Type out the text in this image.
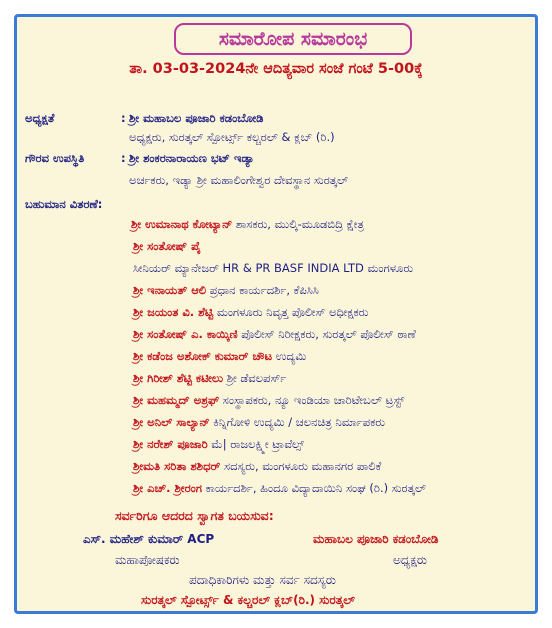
ಸಮಾರೋಪ ಸಮಾರಂಭ
ತಾ. 03-03-2024ನೇ ಆದಿತ್ಯವಾರ ಸಂಜೆ ಗಂಟೆ 5-00ಕ್ಕೆ
ಅಧ್ಯಕ್ಷತೆ	: ಶ್ರೀ ಮಹಾಬಲ ಪೂಜಾರಿ ಕಡಂಬೋಡಿ
ಅಧ್ಯಕ್ಷರು, ಸುರತ್ಕಲ್ ಸ್ಪೋರ್ಟ್ಸ್ ಕಲ್ಚರಲ್ & ಕ್ಲಬ್ (ರಿ.)
ಗೌರವ ಉಪಸ್ಥಿತಿ	: ಶ್ರೀ ಶಂಕರನಾರಾಯಣ ಭಟ್ ಇಡ್ಯಾ
ಅರ್ಚಕರು, ಇಡ್ಯಾ ಶ್ರೀ ಮಹಾಲಿಂಗೇಶ್ವರ ದೇವಸ್ಥಾನ ಸುರತ್ಕಲ್
ಬಹುಮಾನ ವಿತರಣೆ:
ಶ್ರೀ ಉಮಾನಾಥ ಕೋಟ್ಯಾನ್ ಶಾಸಕರು, ಮುಲ್ಕಿ-ಮೂಡಬಿದ್ರಿ ಕ್ಷೇತ್ರ
ಶ್ರೀ ಸಂತೋಷ್ ಪೈ
ಸೀನಿಯರ್ ಮ್ಯಾನೇಜರ್ HR & PR BASF INDIA LTD ಮಂಗಳೂರು
ಶ್ರೀ ಇನಾಯತ್ ಆಲಿ ಪ್ರಧಾನ ಕಾರ್ಯದರ್ಶಿ, ಕೆಪಿಸಿಸಿ
ಶ್ರೀ ಜಯಂತ ವಿ. ಶೆಟ್ಟಿ ಮಂಗಳೂರು ನಿವೃತ್ತ ಪೊಲೀಸ್ ಅಧೀಕ್ಷಕರು
ಶ್ರೀ ಸಂತೋಷ್ ಎ. ಕಾಯ್ಕಿಣಿ ಪೊಲೀಸ್ ನಿರೀಕ್ಷಕರು, ಸುರತ್ಕಲ್ ಪೊಲೀಸ್ ಠಾಣೆ
ಶ್ರೀ ಕಡೆಂಜ ಅಶೋಕ್ ಕುಮಾರ್ ಚೌಟ ಉದ್ಯಮಿ
ಶ್ರೀ ಗಿರೀಶ್ ಶೆಟ್ಟಿ ಕಟೀಲು ಶ್ರೀ ಡೆವಲಪರ್ಸ್
ಶ್ರೀ ಮಹಮ್ಮದ್ ಅಶ್ರಫ್ ಸಂಸ್ಥಾಪಕರು, ನ್ಯೂ ಇಂಡಿಯಾ ಚಾರಿಟೇಬಲ್ ಟ್ರಸ್ಟ್
ಶ್ರೀ ಅನಿಲ್ ಸಾಲ್ಯಾನ್ ಕಿನ್ನಿಗೋಳಿ ಉದ್ಯಮಿ / ಚಲನಚಿತ್ರ ನಿರ್ಮಾಪಕರು
ಶ್ರೀ ನರೇಶ್ ಪೂಜಾರಿ ಮೆ| ರಾಜಲಕ್ಷ್ಮೀ ಟ್ರಾವೆಲ್ಸ್
ಶ್ರೀಮತಿ ಸರಿತಾ ಶಶಿಧರ್ ಸದಸ್ಯರು, ಮಂಗಳೂರು ಮಹಾನಗರ ಪಾಲಿಕೆ
ಶ್ರೀ ಎಚ್. ಶ್ರೀರಂಗ ಕಾರ್ಯದರ್ಶಿ, ಹಿಂದೂ ವಿದ್ಯಾದಾಯಿನಿ ಸಂಘ (ರಿ.) ಸುರತ್ಕಲ್
ಸರ್ವರಿಗೂ ಆದರದ ಸ್ವಾಗತ ಬಯಸುವ:
ಎಸ್. ಮಹೇಶ್ ಕುಮಾರ್ ACP
ಮಹಾಪೋಷಕರು
ಮಹಾಬಲ ಪೂಜಾರಿ ಕಡಂಬೋಡಿ
ಅಧ್ಯಕ್ಷರು
ಪದಾಧಿಕಾರಿಗಳು ಮತ್ತು ಸರ್ವ ಸದಸ್ಯರು
ಸುರತ್ಕಲ್ ಸ್ಪೋರ್ಟ್ಸ್ & ಕಲ್ಚರಲ್ ಕ್ಲಬ್(ರಿ.) ಸುರತ್ಕಲ್
